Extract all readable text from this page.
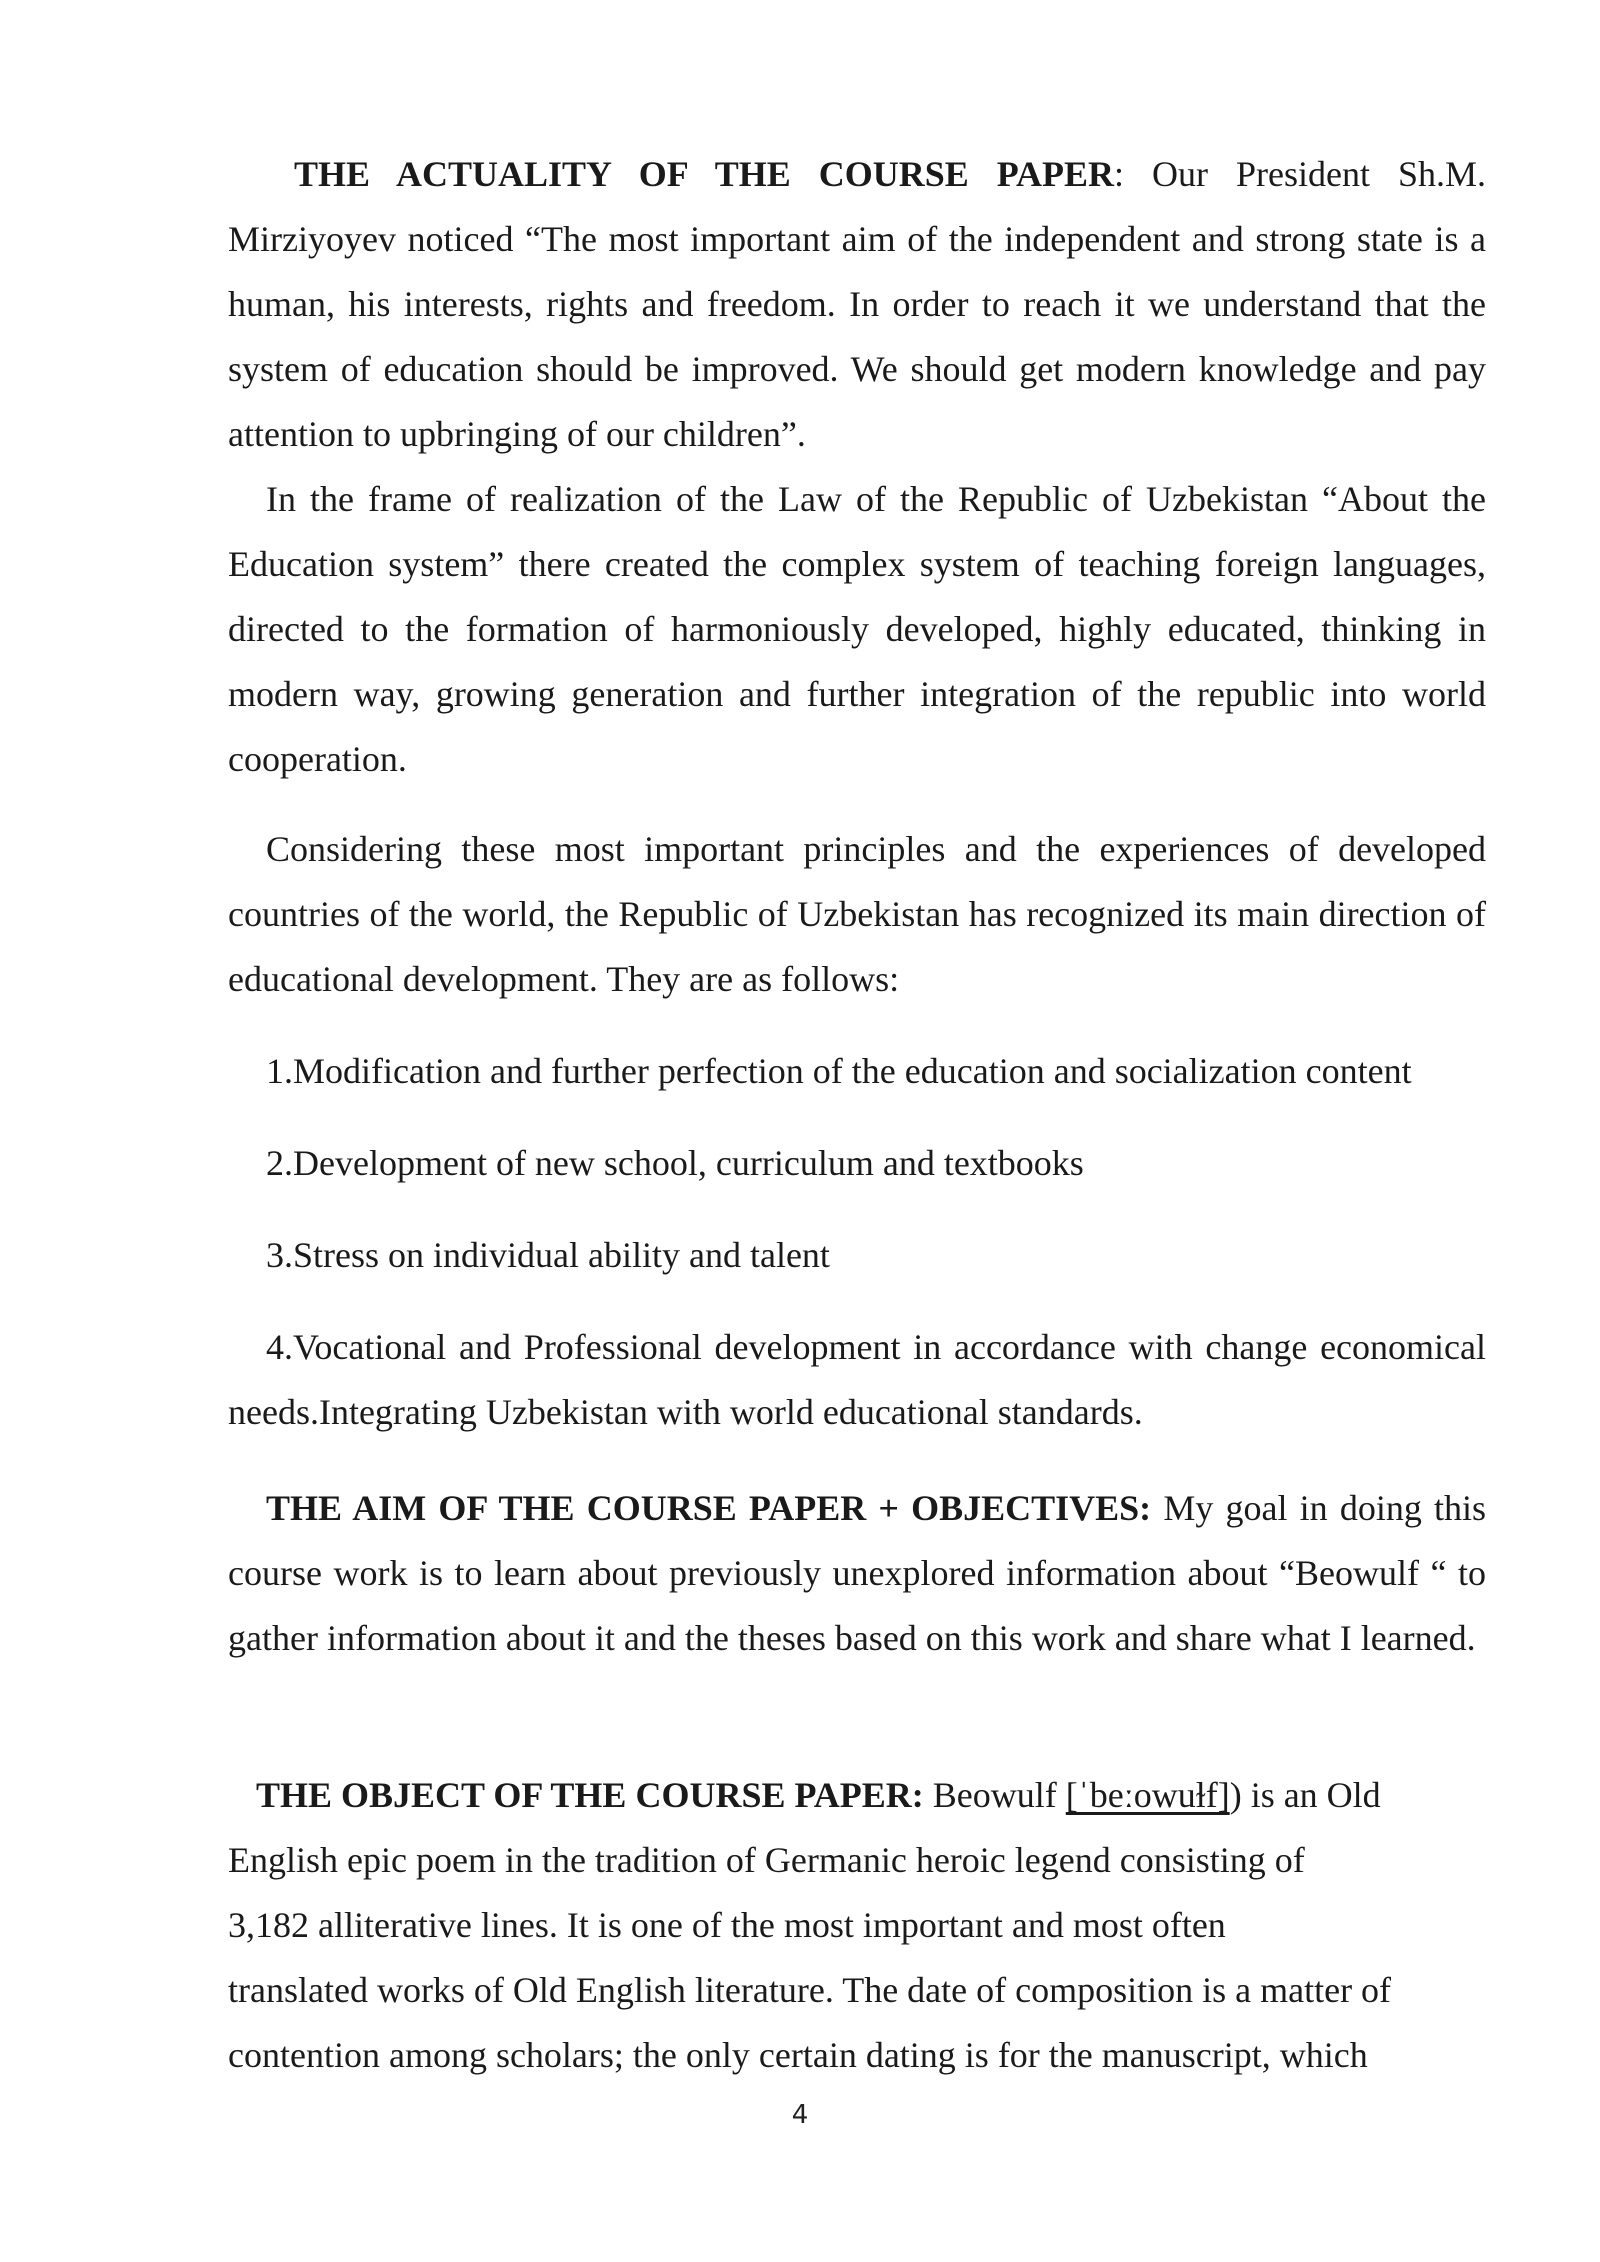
THE ACTUALITY OF THE COURSE PAPER: Our President Sh.M. Mirziyoyev noticed “The most important aim of the independent and strong state is a human, his interests, rights and freedom. In order to reach it we understand that the system of education should be improved. We should get modern knowledge and pay attention to upbringing of our children”.

In the frame of realization of the Law of the Republic of Uzbekistan “About the Education system” there created the complex system of teaching foreign languages, directed to the formation of harmoniously developed, highly educated, thinking in modern way, growing generation and further integration of the republic into world cooperation.

Considering these most important principles and the experiences of developed countries of the world, the Republic of Uzbekistan has recognized its main direction of educational development. They are as follows:

1.Modification and further perfection of the education and socialization content

2.Development of new school, curriculum and textbooks

3.Stress on individual ability and talent

4.Vocational and Professional development in accordance with change economical needs.Integrating Uzbekistan with world educational standards.

THE AIM OF THE COURSE PAPER + OBJECTIVES: My goal in doing this course work is to learn about previously unexplored information about “Beowulf “ to gather information about it and the theses based on this work and share what I learned.

THE OBJECT OF THE COURSE PAPER: Beowulf [ˈbeːowuɫf]) is an Old
English epic poem in the tradition of Germanic heroic legend consisting of
3,182 alliterative lines. It is one of the most important and most often
translated works of Old English literature. The date of composition is a matter of
contention among scholars; the only certain dating is for the manuscript, which
4
